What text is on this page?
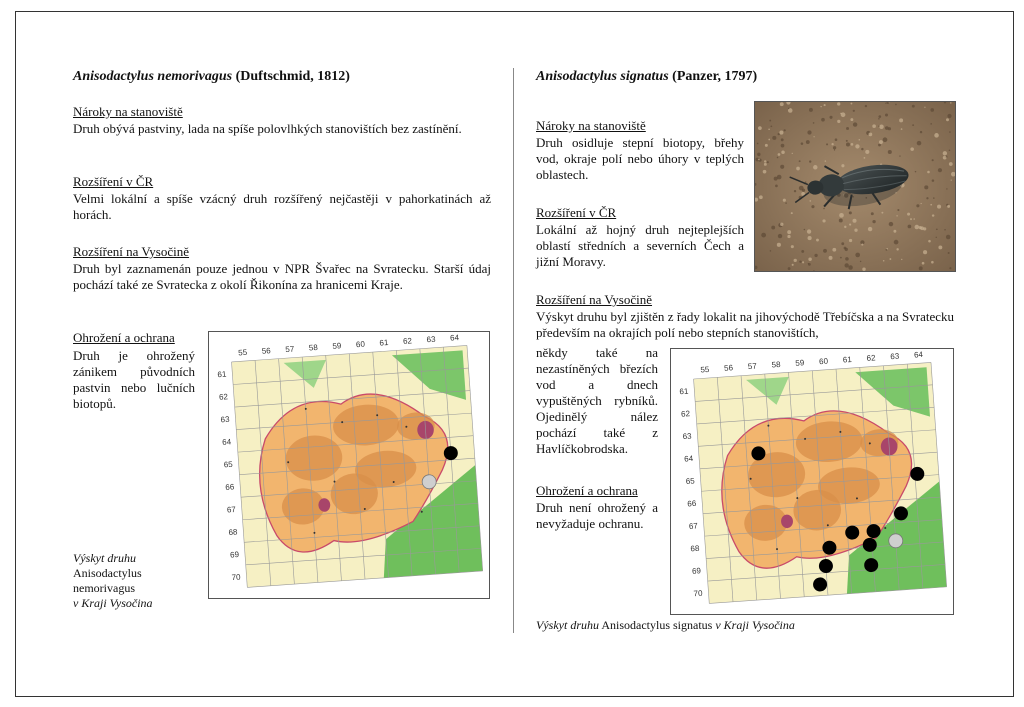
Anisodactylus nemorivagus (Duftschmid, 1812)
Nároky na stanoviště

Druh obývá pastviny, lada na spíše polovlhkých stanovištích bez zastínění.

Rozšíření v ČR

Velmi lokální a spíše vzácný druh rozšířený nejčastěji v pahorkatinách až horách.

Rozšíření na Vysočině

Druh byl zaznamenán pouze jednou v NPR Švařec na Svratecku. Starší údaj pochází také ze Svratecka z okolí Řikonína za hranicemi Kraje.

Ohrožení a ochrana

Druh je ohrožený zánikem původních pastvin nebo lučních biotopů.

Výskyt druhu
Anisodactylus nemorivagus
v Kraji Vysočina
55 56 57 58 59 60 61 62 63 64
61
62
63
64
65
66
67
68
69
70
Anisodactylus signatus (Panzer, 1797)
Nároky na stanoviště

Druh osidluje stepní biotopy, břehy vod, okraje polí nebo úhory v teplých oblastech.

Rozšíření v ČR

Lokální až hojný druh nejteplejších oblastí středních a severních Čech a jižní Moravy.

Rozšíření na Vysočině

Výskyt druhu byl zjištěn z řady lokalit na jihovýchodě Třebíčska a na Svratecku především na okrajích polí nebo stepních stanovištích,

někdy také na nezastíněných březích vod a dnech vypuštěných rybníků. Ojedinělý nález pochází také z Havlíčkobrodska.

Ohrožení a ochrana

Druh není ohrožený a nevyžaduje ochranu.

55 56 57 58 59 60 61 62 63 64
61
62
63
64
65
66
67
68
69
70
Výskyt druhu Anisodactylus signatus v Kraji Vysočina
